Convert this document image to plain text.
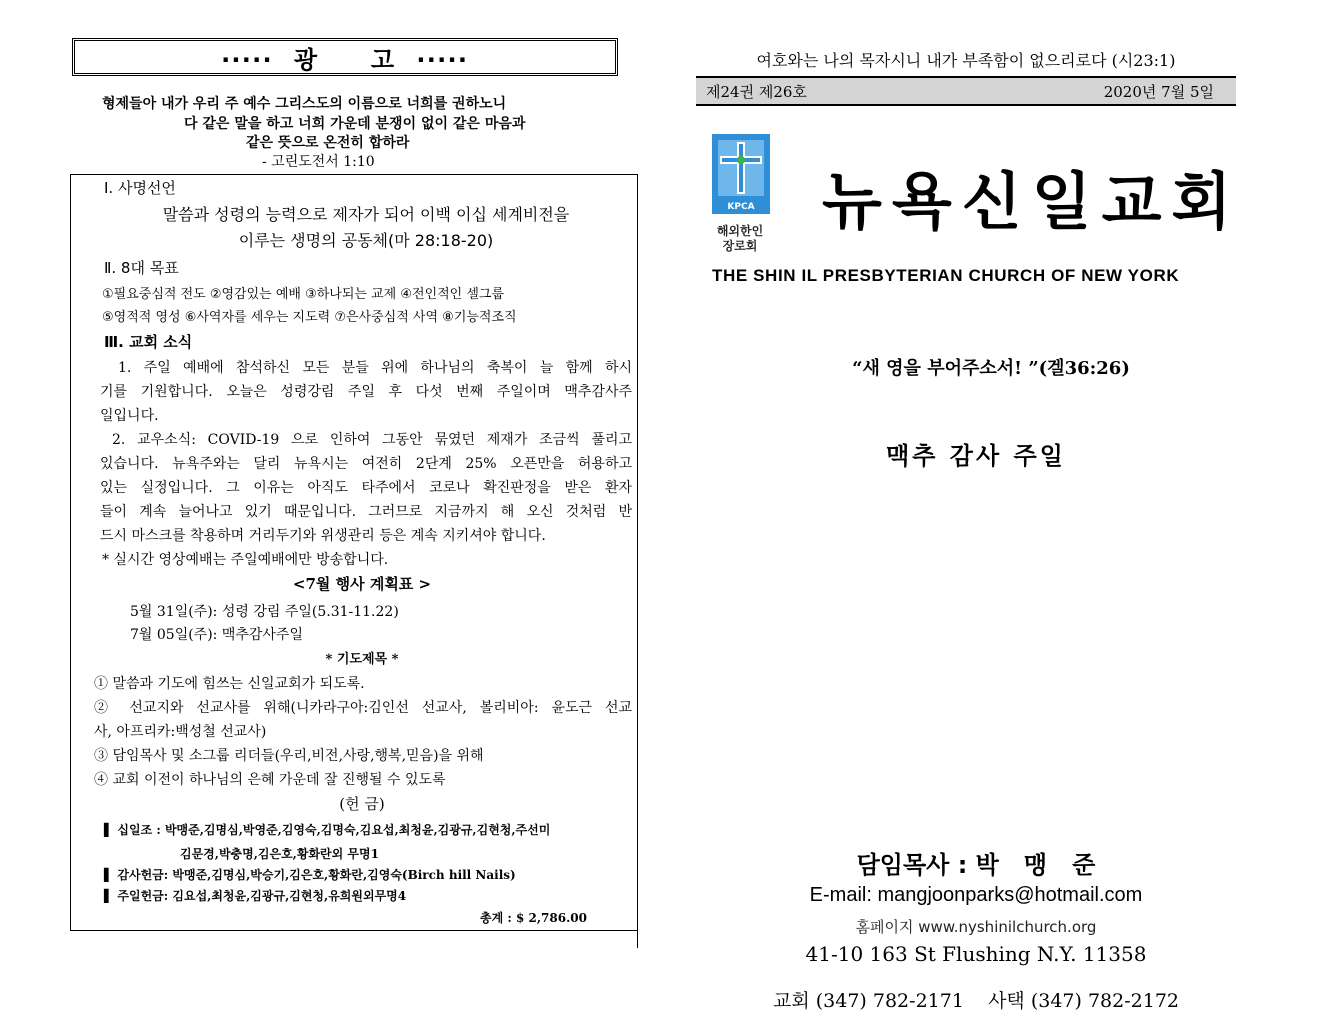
‧‧‧‧‧  광     고  ‧‧‧‧‧
형제들아 내가 우리 주 예수 그리스도의 이름으로 너희를 권하노니
다 같은 말을 하고 너희 가운데 분쟁이 없이 같은 마음과
같은 뜻으로 온전히 합하라
- 고린도전서 1:10
Ⅰ. 사명선언
말씀과 성령의 능력으로 제자가 되어 이백 이십 세계비전을
이루는 생명의 공동체(마 28:18-20)
Ⅱ. 8대 목표
①필요중심적 전도 ②영감있는 예배 ③하나되는 교제 ④전인적인 셀그룹
⑤영적적 영성 ⑥사역자를 세우는 지도력 ⑦은사중심적 사역 ⑧기능적조직
Ⅲ. 교회 소식
1. 주일 예배에 참석하신 모든 분들 위에 하나님의 축복이 늘 함께 하시
기를 기원합니다. 오늘은 성령강림 주일 후 다섯 번째 주일이며 맥추감사주
일입니다.
2. 교우소식: COVID-19 으로 인하여 그동안 묶였던 제재가 조금씩 풀리고
있습니다. 뉴욕주와는 달리 뉴욕시는 여전히 2단계 25% 오픈만을 허용하고
있는 실정입니다. 그 이유는 아직도 타주에서 코로나 확진판정을 받은 환자
들이 계속 늘어나고 있기 때문입니다. 그러므로 지금까지 해 오신 것처럼 반
드시 마스크를 착용하며 거리두기와 위생관리 등은 계속 지키셔야 합니다.
* 실시간 영상예배는 주일예배에만 방송합니다.
<7월 행사 계획표 >
5월 31일(주): 성령 강림 주일(5.31-11.22)
7월 05일(주): 맥추감사주일
* 기도제목 *
① 말씀과 기도에 힘쓰는 신일교회가 되도록.
② 선교지와 선교사를 위해(니카라구아:김인선 선교사, 볼리비아: 윤도근 선교
사, 아프리카:백성철 선교사)
③ 담임목사 및 소그룹 리더들(우리,비전,사랑,행복,믿음)을 위해
④ 교회 이전이 하나님의 은혜 가운데 잘 진행될 수 있도록
(헌 금)
▌ 십일조 : 박맹준,김명심,박영준,김영숙,김명숙,김요섭,최청윤,김광규,김현청,주선미
김문경,박충명,김은호,황화란외 무명1
▌ 감사헌금: 박맹준,김명심,박승기,김은호,황화란,김영숙(Birch hill Nails)
▌ 주일헌금: 김요섭,최청윤,김광규,김현청,유희원외무명4
총계 : $ 2,786.00
여호와는 나의 목자시니 내가 부족함이 없으리로다 (시23:1)
제24권 제26호	2020년 7월 5일
KPCA
해외한인
장로회
뉴욕신일교회
THE SHIN IL PRESBYTERIAN CHURCH OF NEW YORK
“새 영을 부어주소서! ”(겔36:26)
맥추 감사 주일
담임목사 : 박   맹   준
E-mail: mangjoonparks@hotmail.com
홈페이지 www.nyshinilchurch.org
41-10 163 St Flushing N.Y. 11358
교회 (347) 782-2171    사택 (347) 782-2172
